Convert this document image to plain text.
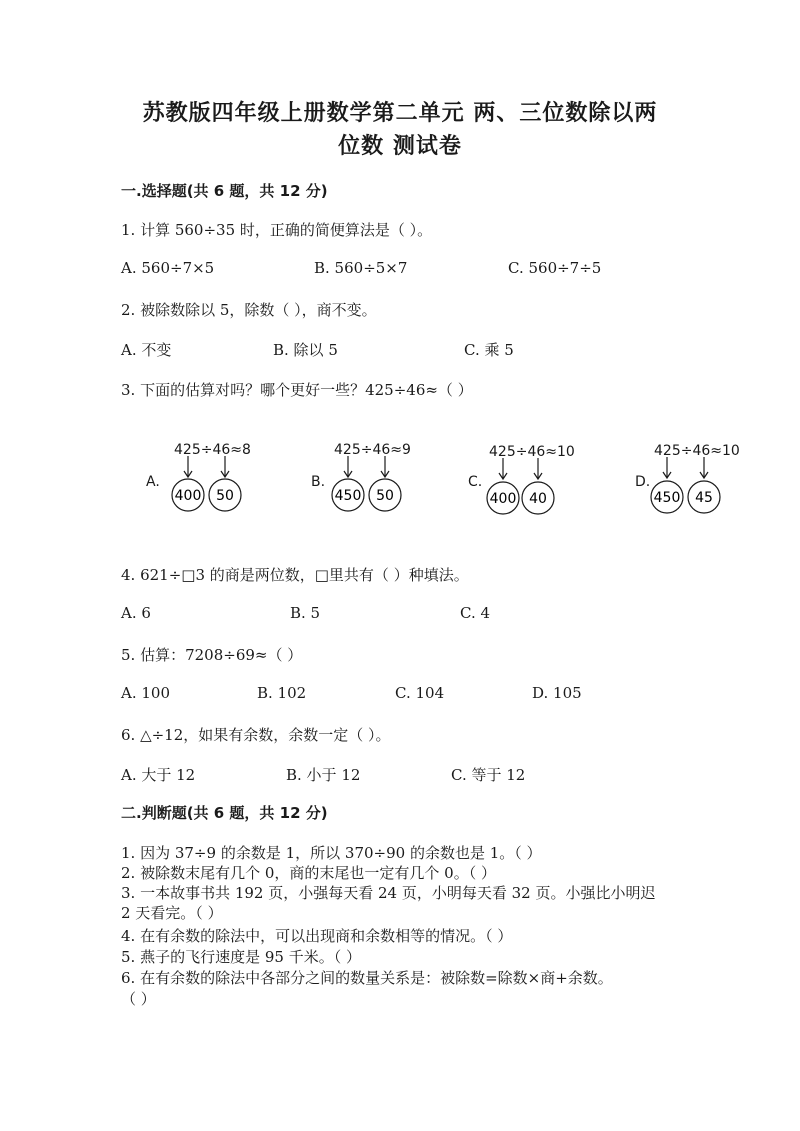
苏教版四年级上册数学第二单元 两、三位数除以两
位数 测试卷
一.选择题(共 6 题，共 12 分)
1. 计算 560÷35 时，正确的简便算法是（ ）。
A. 560÷7×5	B. 560÷5×7	C. 560÷7÷5
2. 被除数除以 5，除数（ ），商不变。
A. 不变	B. 除以 5	C. 乘 5
3. 下面的估算对吗？哪个更好一些？425÷46≈（ ）
400 50
425÷46≈8
A.
450 50
425÷46≈9
B.
400 40
425÷46≈10
C.
450 45
425÷46≈10
D.
4. 621÷□3 的商是两位数，□里共有（ ）种填法。
A. 6	B. 5	C. 4
5. 估算：7208÷69≈（ ）
A. 100	B. 102	C. 104	D. 105
6. △÷12，如果有余数，余数一定（ ）。
A. 大于 12	B. 小于 12	C. 等于 12
二.判断题(共 6 题，共 12 分)
1. 因为 37÷9 的余数是 1，所以 370÷90 的余数也是 1。（ ）
2. 被除数末尾有几个 0，商的末尾也一定有几个 0。（ ）
3. 一本故事书共 192 页，小强每天看 24 页，小明每天看 32 页。小强比小明迟
2 天看完。（ ）
4. 在有余数的除法中，可以出现商和余数相等的情况。（ ）
5. 燕子的飞行速度是 95 千米。（ ）
6. 在有余数的除法中各部分之间的数量关系是：被除数=除数×商+余数。
（ ）
